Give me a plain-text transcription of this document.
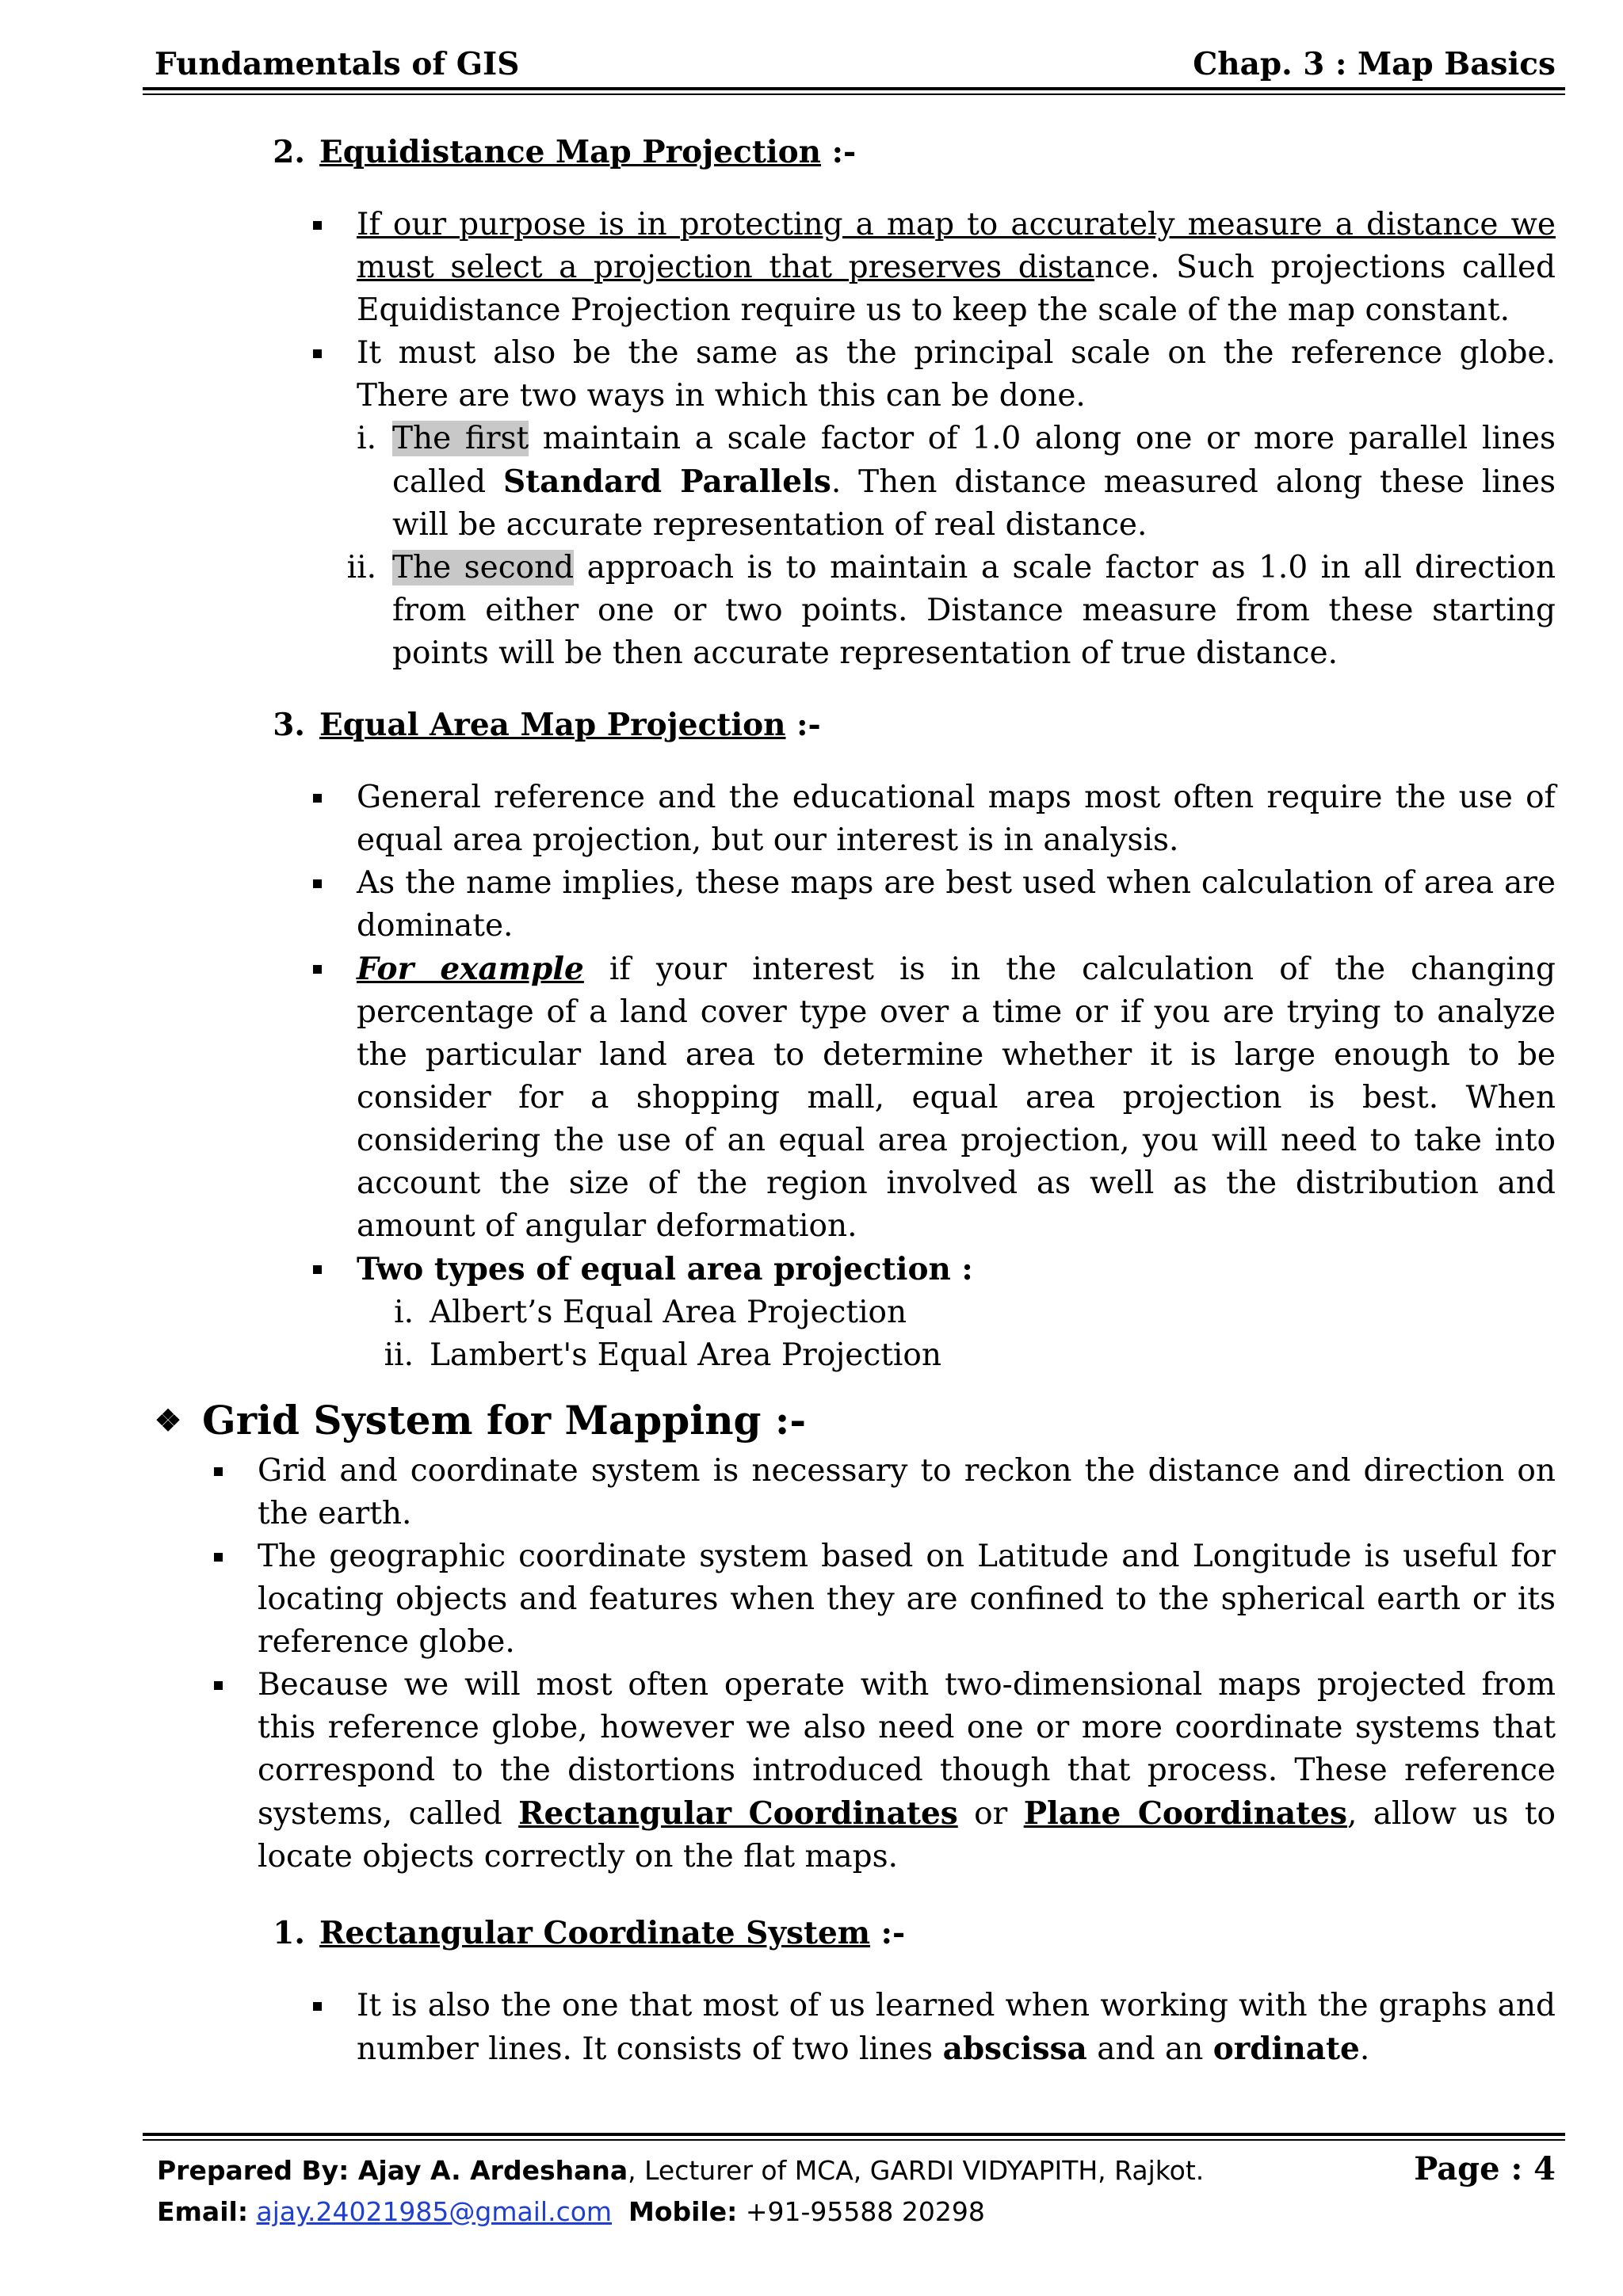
Fundamentals of GIS	Chap. 3 : Map Basics

2. Equidistance Map Projection :-

If our purpose is in protecting a map to accurately measure a distance we must select a projection that preserves distance. Such projections called Equidistance Projection require us to keep the scale of the map constant.
It must also be the same as the principal scale on the reference globe. There are two ways in which this can be done.
i. The first maintain a scale factor of 1.0 along one or more parallel lines called Standard Parallels. Then distance measured along these lines will be accurate representation of real distance.
ii. The second approach is to maintain a scale factor as 1.0 in all direction from either one or two points. Distance measure from these starting points will be then accurate representation of true distance.

3. Equal Area Map Projection :-

General reference and the educational maps most often require the use of equal area projection, but our interest is in analysis.
As the name implies, these maps are best used when calculation of area are dominate.
For example if your interest is in the calculation of the changing percentage of a land cover type over a time or if you are trying to analyze the particular land area to determine whether it is large enough to be consider for a shopping mall, equal area projection is best. When considering the use of an equal area projection, you will need to take into account the size of the region involved as well as the distribution and amount of angular deformation.
Two types of equal area projection :
i. Albert’s Equal Area Projection
ii. Lambert's Equal Area Projection

❖ Grid System for Mapping :-

Grid and coordinate system is necessary to reckon the distance and direction on the earth.
The geographic coordinate system based on Latitude and Longitude is useful for locating objects and features when they are confined to the spherical earth or its reference globe.
Because we will most often operate with two-dimensional maps projected from this reference globe, however we also need one or more coordinate systems that correspond to the distortions introduced though that process. These reference systems, called Rectangular Coordinates or Plane Coordinates, allow us to locate objects correctly on the flat maps.

1. Rectangular Coordinate System :-

It is also the one that most of us learned when working with the graphs and number lines. It consists of two lines abscissa and an ordinate.
Prepared By: Ajay A. Ardeshana, Lecturer of MCA, GARDI VIDYAPITH, Rajkot.	Page : 4
Email:
ajay.24021985@gmail.com
Mobile:
+91-95588 20298
